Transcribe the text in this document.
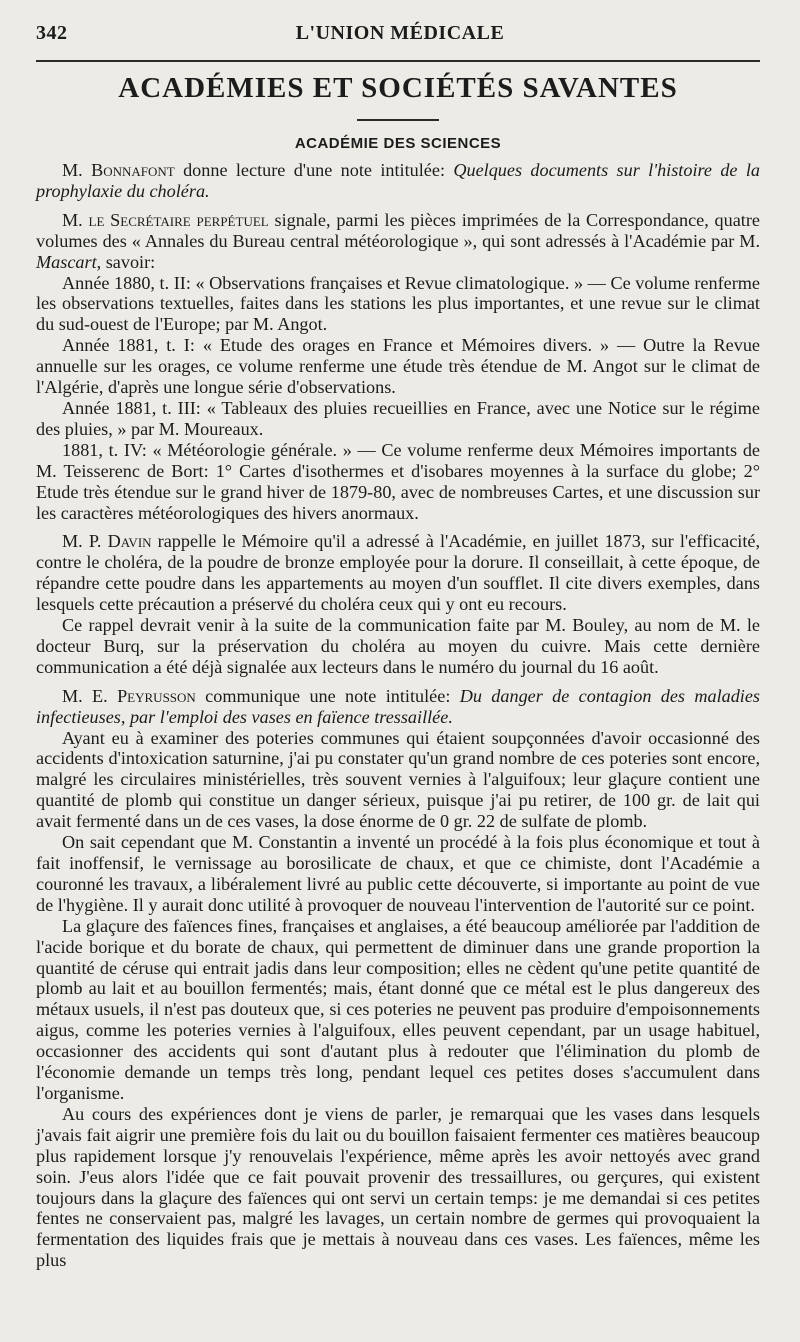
342	L'UNION MÉDICALE
ACADÉMIES ET SOCIÉTÉS SAVANTES
ACADÉMIE DES SCIENCES

M. Bonnafont donne lecture d'une note intitulée: Quelques documents sur l'histoire de la prophylaxie du choléra.

M. le Secrétaire perpétuel signale, parmi les pièces imprimées de la Correspondance, quatre volumes des « Annales du Bureau central météorologique », qui sont adressés à l'Académie par M. Mascart, savoir:

Année 1880, t. II: « Observations françaises et Revue climatologique. » — Ce volume renferme les observations textuelles, faites dans les stations les plus importantes, et une revue sur le climat du sud-ouest de l'Europe; par M. Angot.

Année 1881, t. I: « Etude des orages en France et Mémoires divers. » — Outre la Revue annuelle sur les orages, ce volume renferme une étude très étendue de M. Angot sur le climat de l'Algérie, d'après une longue série d'observations.

Année 1881, t. III: « Tableaux des pluies recueillies en France, avec une Notice sur le régime des pluies, » par M. Moureaux.

1881, t. IV: « Météorologie générale. » — Ce volume renferme deux Mémoires importants de M. Teisserenc de Bort: 1° Cartes d'isothermes et d'isobares moyennes à la surface du globe; 2° Etude très étendue sur le grand hiver de 1879-80, avec de nombreuses Cartes, et une discussion sur les caractères météorologiques des hivers anormaux.

M. P. Davin rappelle le Mémoire qu'il a adressé à l'Académie, en juillet 1873, sur l'efficacité, contre le choléra, de la poudre de bronze employée pour la dorure. Il conseillait, à cette époque, de répandre cette poudre dans les appartements au moyen d'un soufflet. Il cite divers exemples, dans lesquels cette précaution a préservé du choléra ceux qui y ont eu recours.

Ce rappel devrait venir à la suite de la communication faite par M. Bouley, au nom de M. le docteur Burq, sur la préservation du choléra au moyen du cuivre. Mais cette dernière communication a été déjà signalée aux lecteurs dans le numéro du journal du 16 août.

M. E. Peyrusson communique une note intitulée: Du danger de contagion des maladies infectieuses, par l'emploi des vases en faïence tressaillée.

Ayant eu à examiner des poteries communes qui étaient soupçonnées d'avoir occasionné des accidents d'intoxication saturnine, j'ai pu constater qu'un grand nombre de ces poteries sont encore, malgré les circulaires ministérielles, très souvent vernies à l'alguifoux; leur glaçure contient une quantité de plomb qui constitue un danger sérieux, puisque j'ai pu retirer, de 100 gr. de lait qui avait fermenté dans un de ces vases, la dose énorme de 0 gr. 22 de sulfate de plomb.

On sait cependant que M. Constantin a inventé un procédé à la fois plus économique et tout à fait inoffensif, le vernissage au borosilicate de chaux, et que ce chimiste, dont l'Académie a couronné les travaux, a libéralement livré au public cette découverte, si importante au point de vue de l'hygiène. Il y aurait donc utilité à provoquer de nouveau l'intervention de l'autorité sur ce point.

La glaçure des faïences fines, françaises et anglaises, a été beaucoup améliorée par l'addition de l'acide borique et du borate de chaux, qui permettent de diminuer dans une grande proportion la quantité de céruse qui entrait jadis dans leur composition; elles ne cèdent qu'une petite quantité de plomb au lait et au bouillon fermentés; mais, étant donné que ce métal est le plus dangereux des métaux usuels, il n'est pas douteux que, si ces poteries ne peuvent pas produire d'empoisonnements aigus, comme les poteries vernies à l'alguifoux, elles peuvent cependant, par un usage habituel, occasionner des accidents qui sont d'autant plus à redouter que l'élimination du plomb de l'économie demande un temps très long, pendant lequel ces petites doses s'accumulent dans l'organisme.

Au cours des expériences dont je viens de parler, je remarquai que les vases dans lesquels j'avais fait aigrir une première fois du lait ou du bouillon faisaient fermenter ces matières beaucoup plus rapidement lorsque j'y renouvelais l'expérience, même après les avoir nettoyés avec grand soin. J'eus alors l'idée que ce fait pouvait provenir des tressaillures, ou gerçures, qui existent toujours dans la glaçure des faïences qui ont servi un certain temps: je me demandai si ces petites fentes ne conservaient pas, malgré les lavages, un certain nombre de germes qui provoquaient la fermentation des liquides frais que je mettais à nouveau dans ces vases. Les faïences, même les plus
